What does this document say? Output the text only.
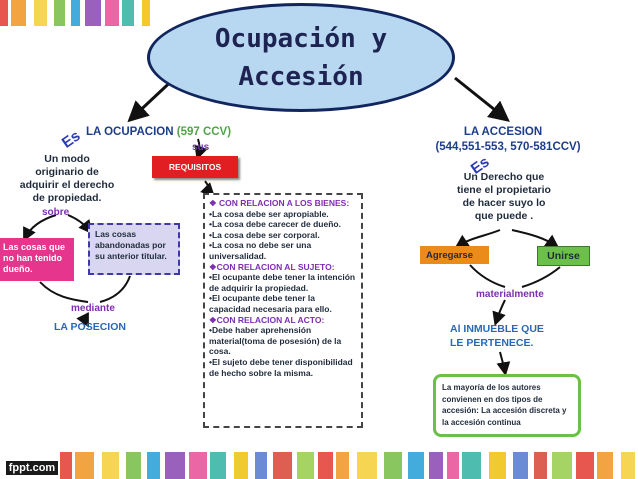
Ocupación y
Accesión
Es LA OCUPACION (597 CCV)
sus
REQUISITOS
Un modo
originario de
adquirir el derecho
de propiedad.
sobre
Las cosas que no han tenido dueño.
Las cosas abandonadas por su anterior titular.
mediante
LA POSECION
❖ CON RELACION A LOS BIENES:
•La cosa debe ser apropiable.
•La cosa debe carecer de dueño.
•La cosa debe ser corporal.
•La cosa no debe ser una universalidad.
❖CON RELACION AL SUJETO:
•El ocupante debe tener la intención de adquirir la propiedad.
•El ocupante debe tener la capacidad necesaria para ello.
❖CON RELACION AL ACTO:
•Debe haber aprehensión material(toma de posesión) de la cosa.
•El sujeto debe tener disponibilidad de hecho sobre la misma.
LA ACCESION
(544,551-553, 570-581CCV)
Es
Un Derecho que
tiene el propietario
de hacer suyo lo
que puede .
Agregarse	Unirse
materialmente
Al INMUEBLE QUE
LE PERTENECE.
La mayoría de los autores convienen en dos tipos de accesión: La accesión discreta y la accesión continua
fppt.com
